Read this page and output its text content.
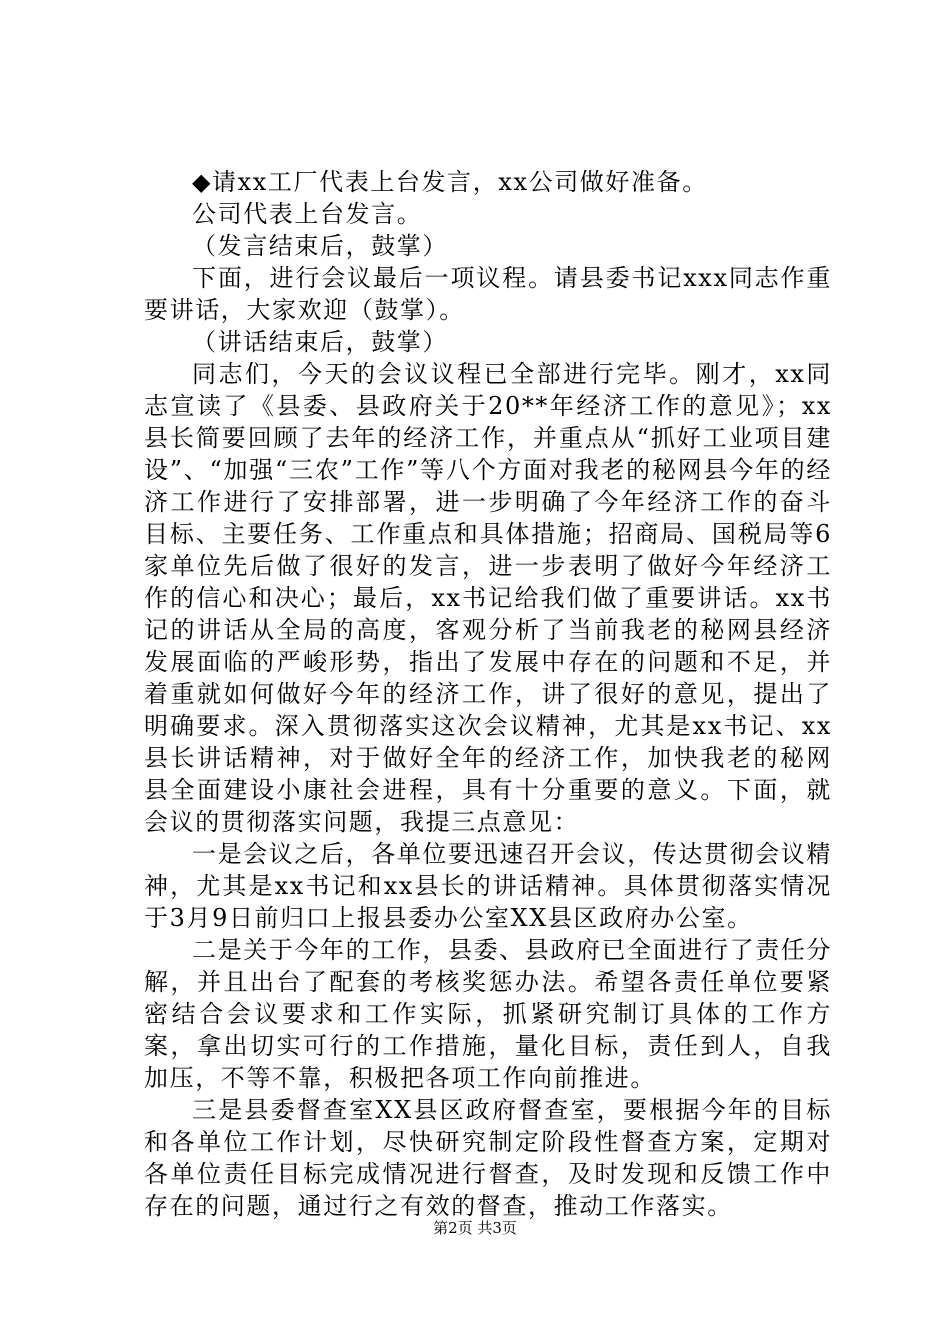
◆请xx工厂代表上台发言，xx公司做好准备。

公司代表上台发言。

（发言结束后，鼓掌）

下面，进行会议最后一项议程。请县委书记xxx同志作重要讲话，大家欢迎（鼓掌）。

（讲话结束后，鼓掌）

同志们，今天的会议议程已全部进行完毕。刚才，xx同志宣读了《县委、县政府关于20**年经济工作的意见》；xx县长简要回顾了去年的经济工作，并重点从“抓好工业项目建设”、“加强“三农”工作”等八个方面对我老的秘网县今年的经济工作进行了安排部署，进一步明确了今年经济工作的奋斗目标、主要任务、工作重点和具体措施；招商局、国税局等6家单位先后做了很好的发言，进一步表明了做好今年经济工作的信心和决心；最后，xx书记给我们做了重要讲话。xx书记的讲话从全局的高度，客观分析了当前我老的秘网县经济发展面临的严峻形势，指出了发展中存在的问题和不足，并着重就如何做好今年的经济工作，讲了很好的意见，提出了明确要求。深入贯彻落实这次会议精神，尤其是xx书记、xx县长讲话精神，对于做好全年的经济工作，加快我老的秘网县全面建设小康社会进程，具有十分重要的意义。下面，就会议的贯彻落实问题，我提三点意见：

一是会议之后，各单位要迅速召开会议，传达贯彻会议精神，尤其是xx书记和xx县长的讲话精神。具体贯彻落实情况于3月9日前归口上报县委办公室XX县区政府办公室。

二是关于今年的工作，县委、县政府已全面进行了责任分解，并且出台了配套的考核奖惩办法。希望各责任单位要紧密结合会议要求和工作实际，抓紧研究制订具体的工作方案，拿出切实可行的工作措施，量化目标，责任到人，自我加压，不等不靠，积极把各项工作向前推进。

三是县委督查室XX县区政府督查室，要根据今年的目标和各单位工作计划，尽快研究制定阶段性督查方案，定期对各单位责任目标完成情况进行督查，及时发现和反馈工作中存在的问题，通过行之有效的督查，推动工作落实。

第2页 共3页
